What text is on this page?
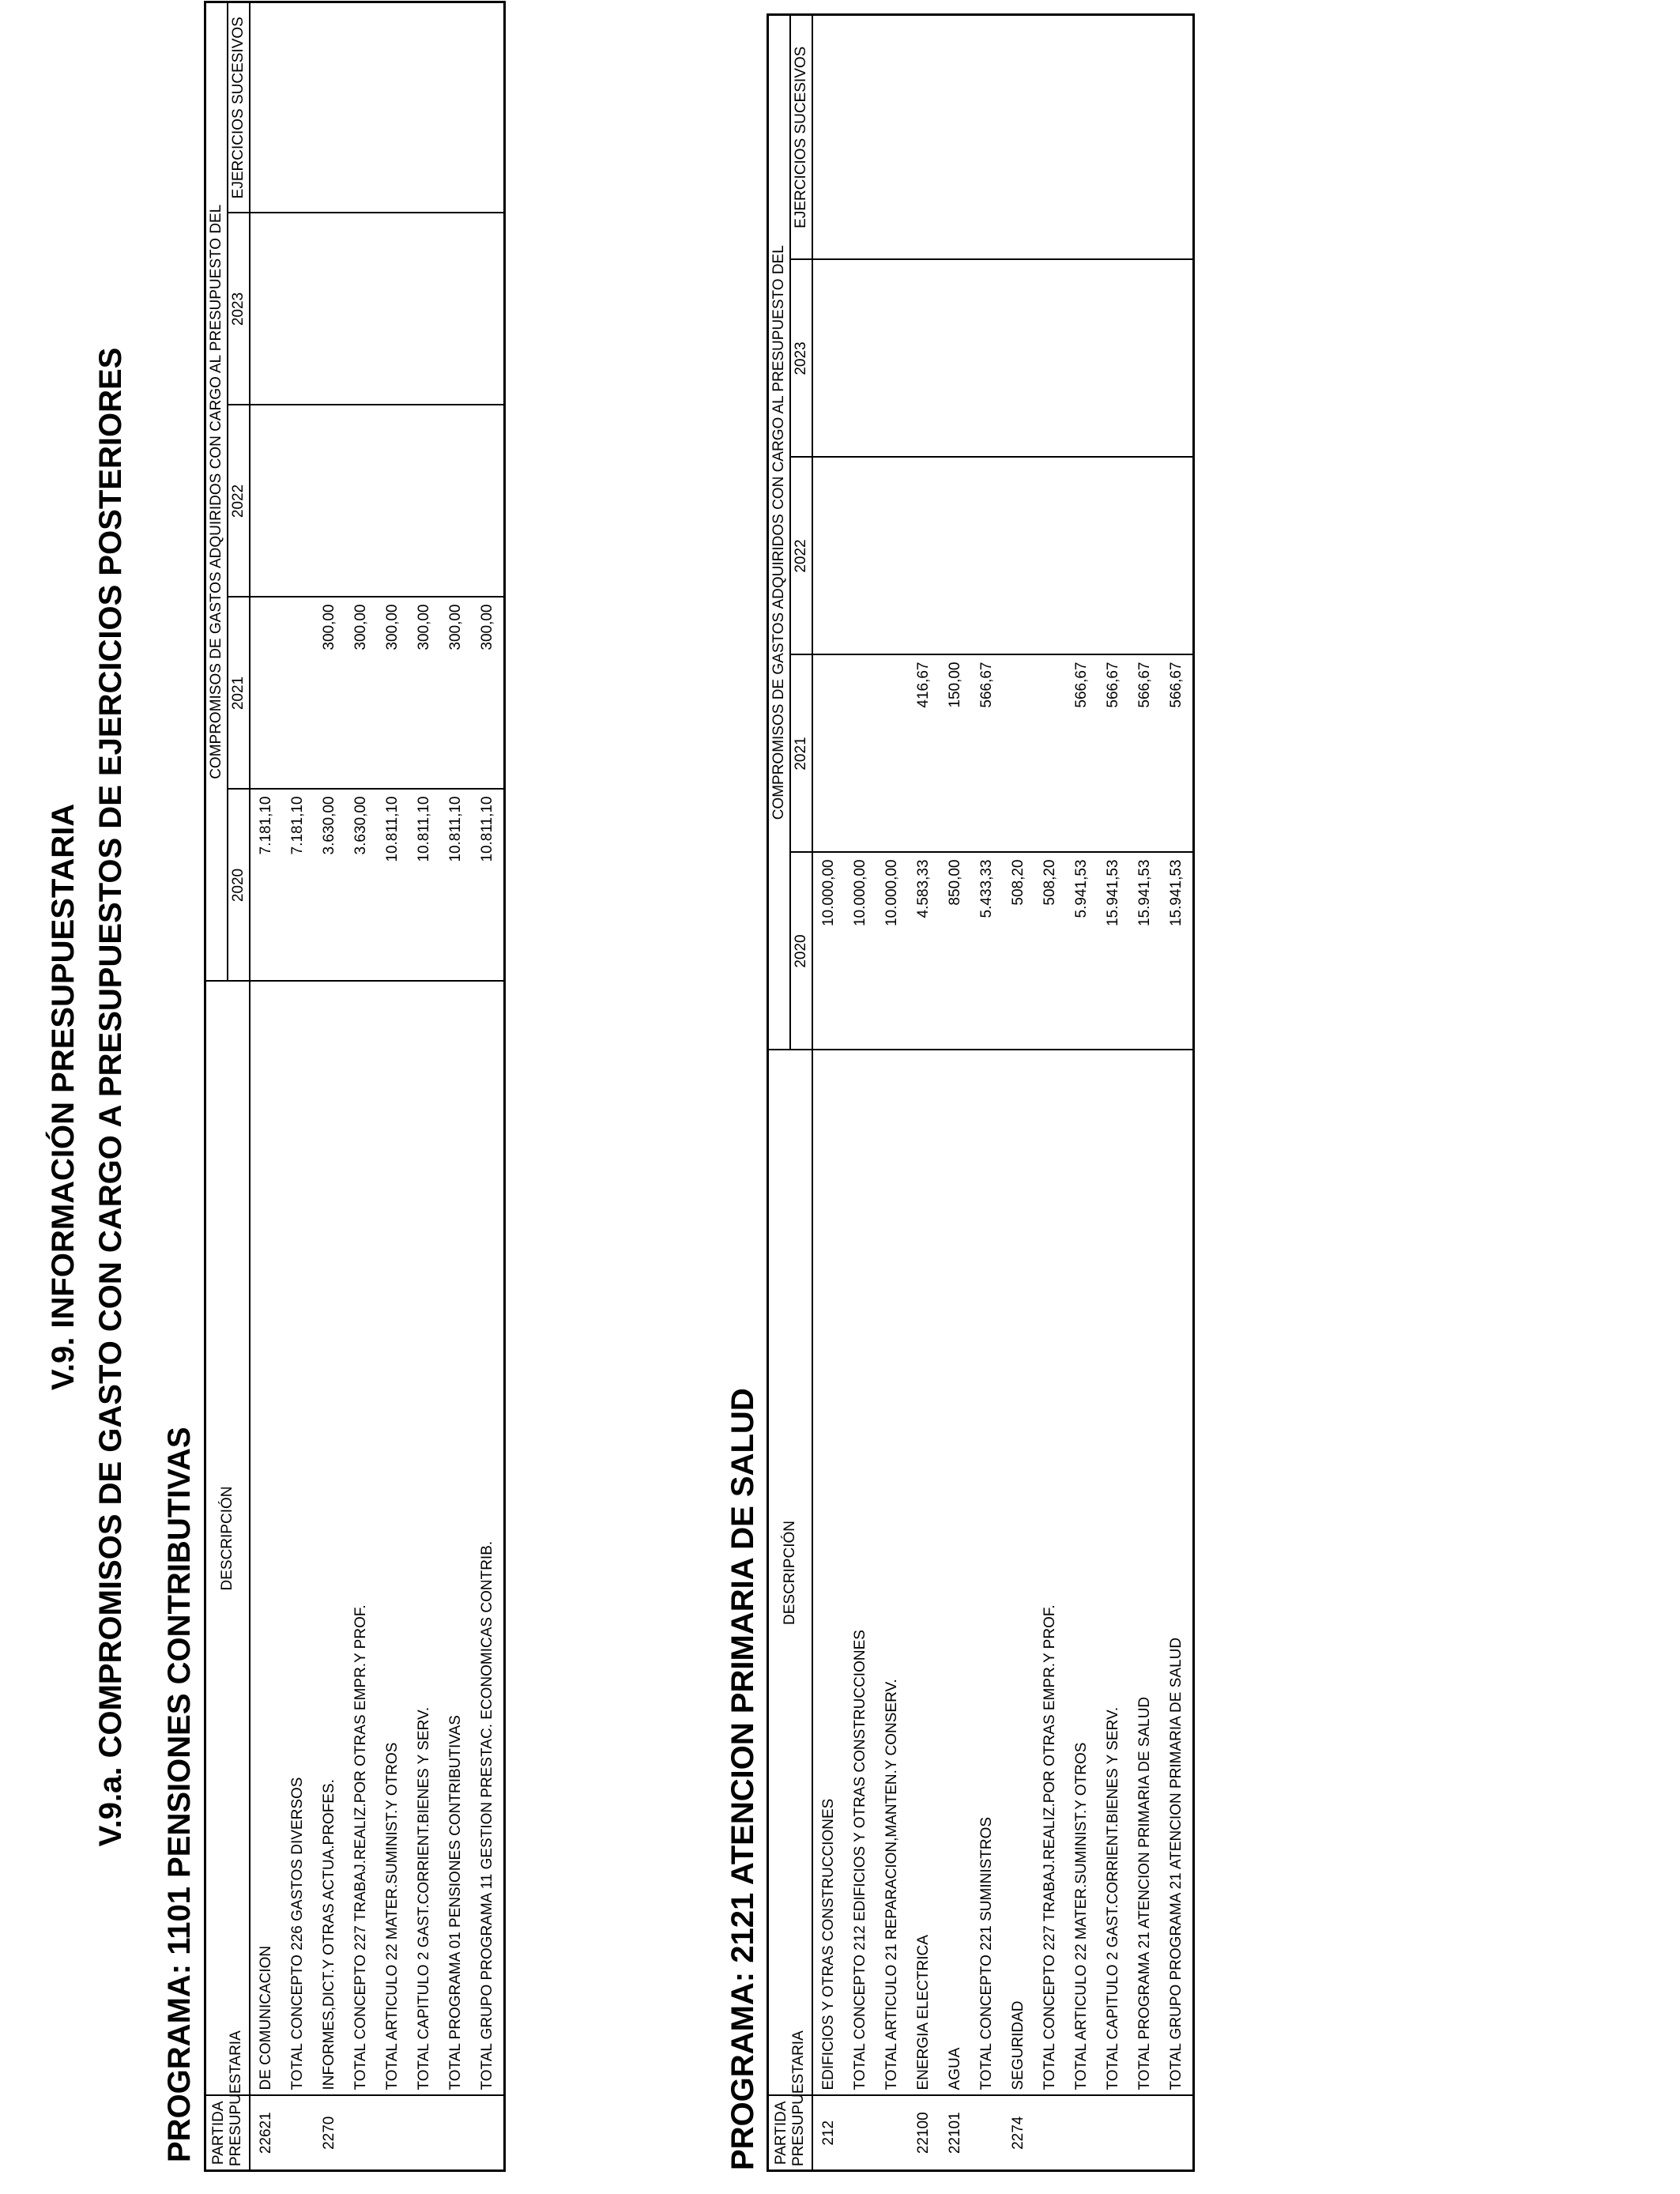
V.9. INFORMACIÓN PRESUPUESTARIA V.9.a. COMPROMISOS DE GASTO CON CARGO A PRESUPUESTOS DE EJERCICIOS POSTERIORES PROGRAMA: 1101 PENSIONES CONTRIBUTIVAS PARTIDA PRESUPUESTARIA	DESCRIPCIÓN	COMPROMISOS DE GASTOS ADQUIRIDOS CON CARGO AL PRESUPUESTO DEL				
		2020	2021	2022	2023	EJERCICIOS SUCESIVOS
22621	DE COMUNICACION	7.181,10				
	TOTAL CONCEPTO 226 GASTOS DIVERSOS	7.181,10				
2270	INFORMES,DICT.Y OTRAS ACTUA.PROFES.	3.630,00	300,00			
	TOTAL CONCEPTO 227 TRABAJ.REALIZ.POR OTRAS EMPR.Y PROF.	3.630,00	300,00			
	TOTAL ARTICULO 22 MATER.SUMINIST.Y OTROS	10.811,10	300,00			
	TOTAL CAPITULO 2 GAST.CORRIENT.BIENES Y SERV.	10.811,10	300,00			
	TOTAL PROGRAMA 01 PENSIONES CONTRIBUTIVAS	10.811,10	300,00			
	TOTAL GRUPO PROGRAMA 11 GESTION PRESTAC. ECONOMICAS CONTRIB.	10.811,10	300,00			
PROGRAMA: 2121 ATENCION PRIMARIA DE SALUD PARTIDA PRESUPUESTARIA	DESCRIPCIÓN	COMPROMISOS DE GASTOS ADQUIRIDOS CON CARGO AL PRESUPUESTO DEL				
		2020	2021	2022	2023	EJERCICIOS SUCESIVOS
212	EDIFICIOS Y OTRAS CONSTRUCCIONES	10.000,00				
	TOTAL CONCEPTO 212 EDIFICIOS Y OTRAS CONSTRUCCIONES	10.000,00				
	TOTAL ARTICULO 21 REPARACION,MANTEN.Y CONSERV.	10.000,00				
22100	ENERGIA ELECTRICA	4.583,33	416,67			
22101	AGUA	850,00	150,00			
	TOTAL CONCEPTO 221 SUMINISTROS	5.433,33	566,67			
2274	SEGURIDAD	508,20				
	TOTAL CONCEPTO 227 TRABAJ.REALIZ.POR OTRAS EMPR.Y PROF.	508,20				
	TOTAL ARTICULO 22 MATER.SUMINIST.Y OTROS	5.941,53	566,67			
	TOTAL CAPITULO 2 GAST.CORRIENT.BIENES Y SERV.	15.941,53	566,67			
	TOTAL PROGRAMA 21 ATENCION PRIMARIA DE SALUD	15.941,53	566,67			
	TOTAL GRUPO PROGRAMA 21 ATENCION PRIMARIA DE SALUD	15.941,53	566,67			
